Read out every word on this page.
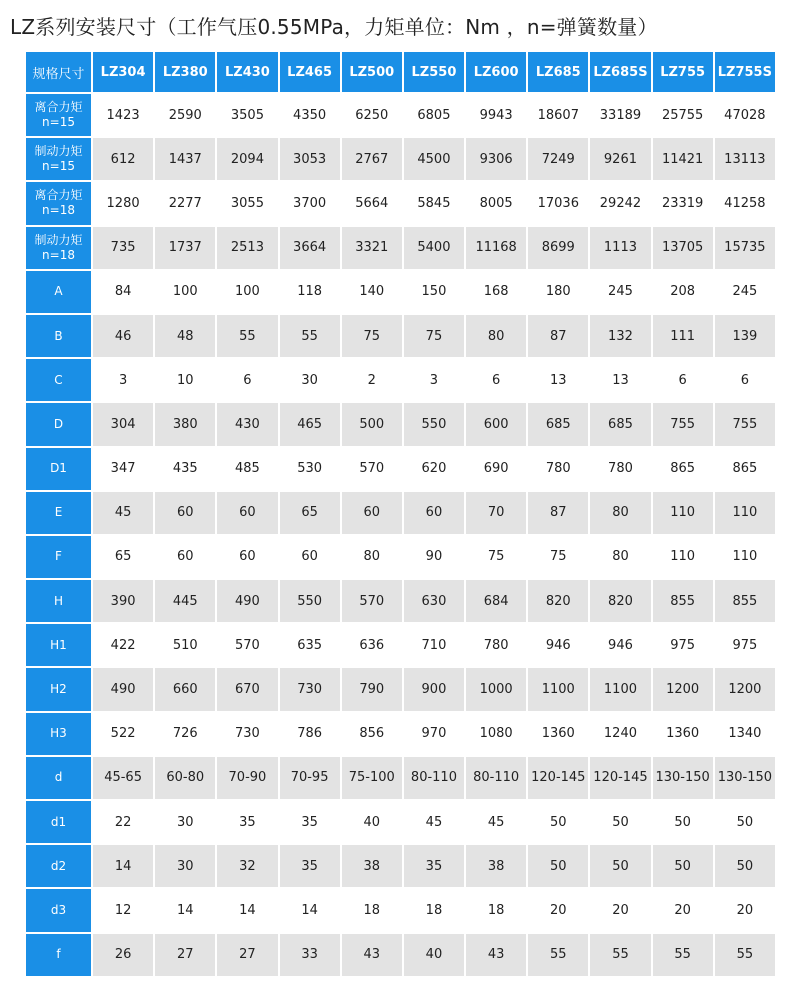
LZ系列安装尺寸（工作气压0.55MPa，力矩单位：Nm ，n=弹簧数量）
规格尺寸	LZ304	LZ380	LZ430	LZ465	LZ500	LZ550	LZ600	LZ685	LZ685S	LZ755	LZ755S
离合力矩
n=15	1423	2590	3505	4350	6250	6805	9943	18607	33189	25755	47028
制动力矩
n=15	612	1437	2094	3053	2767	4500	9306	7249	9261	11421	13113
离合力矩
n=18	1280	2277	3055	3700	5664	5845	8005	17036	29242	23319	41258
制动力矩
n=18	735	1737	2513	3664	3321	5400	11168	8699	1113	13705	15735
A	84	100	100	118	140	150	168	180	245	208	245
B	46	48	55	55	75	75	80	87	132	111	139
C	3	10	6	30	2	3	6	13	13	6	6
D	304	380	430	465	500	550	600	685	685	755	755
D1	347	435	485	530	570	620	690	780	780	865	865
E	45	60	60	65	60	60	70	87	80	110	110
F	65	60	60	60	80	90	75	75	80	110	110
H	390	445	490	550	570	630	684	820	820	855	855
H1	422	510	570	635	636	710	780	946	946	975	975
H2	490	660	670	730	790	900	1000	1100	1100	1200	1200
H3	522	726	730	786	856	970	1080	1360	1240	1360	1340
d	45-65	60-80	70-90	70-95	75-100	80-110	80-110	120-145	120-145	130-150	130-150
d1	22	30	35	35	40	45	45	50	50	50	50
d2	14	30	32	35	38	35	38	50	50	50	50
d3	12	14	14	14	18	18	18	20	20	20	20
f	26	27	27	33	43	40	43	55	55	55	55
